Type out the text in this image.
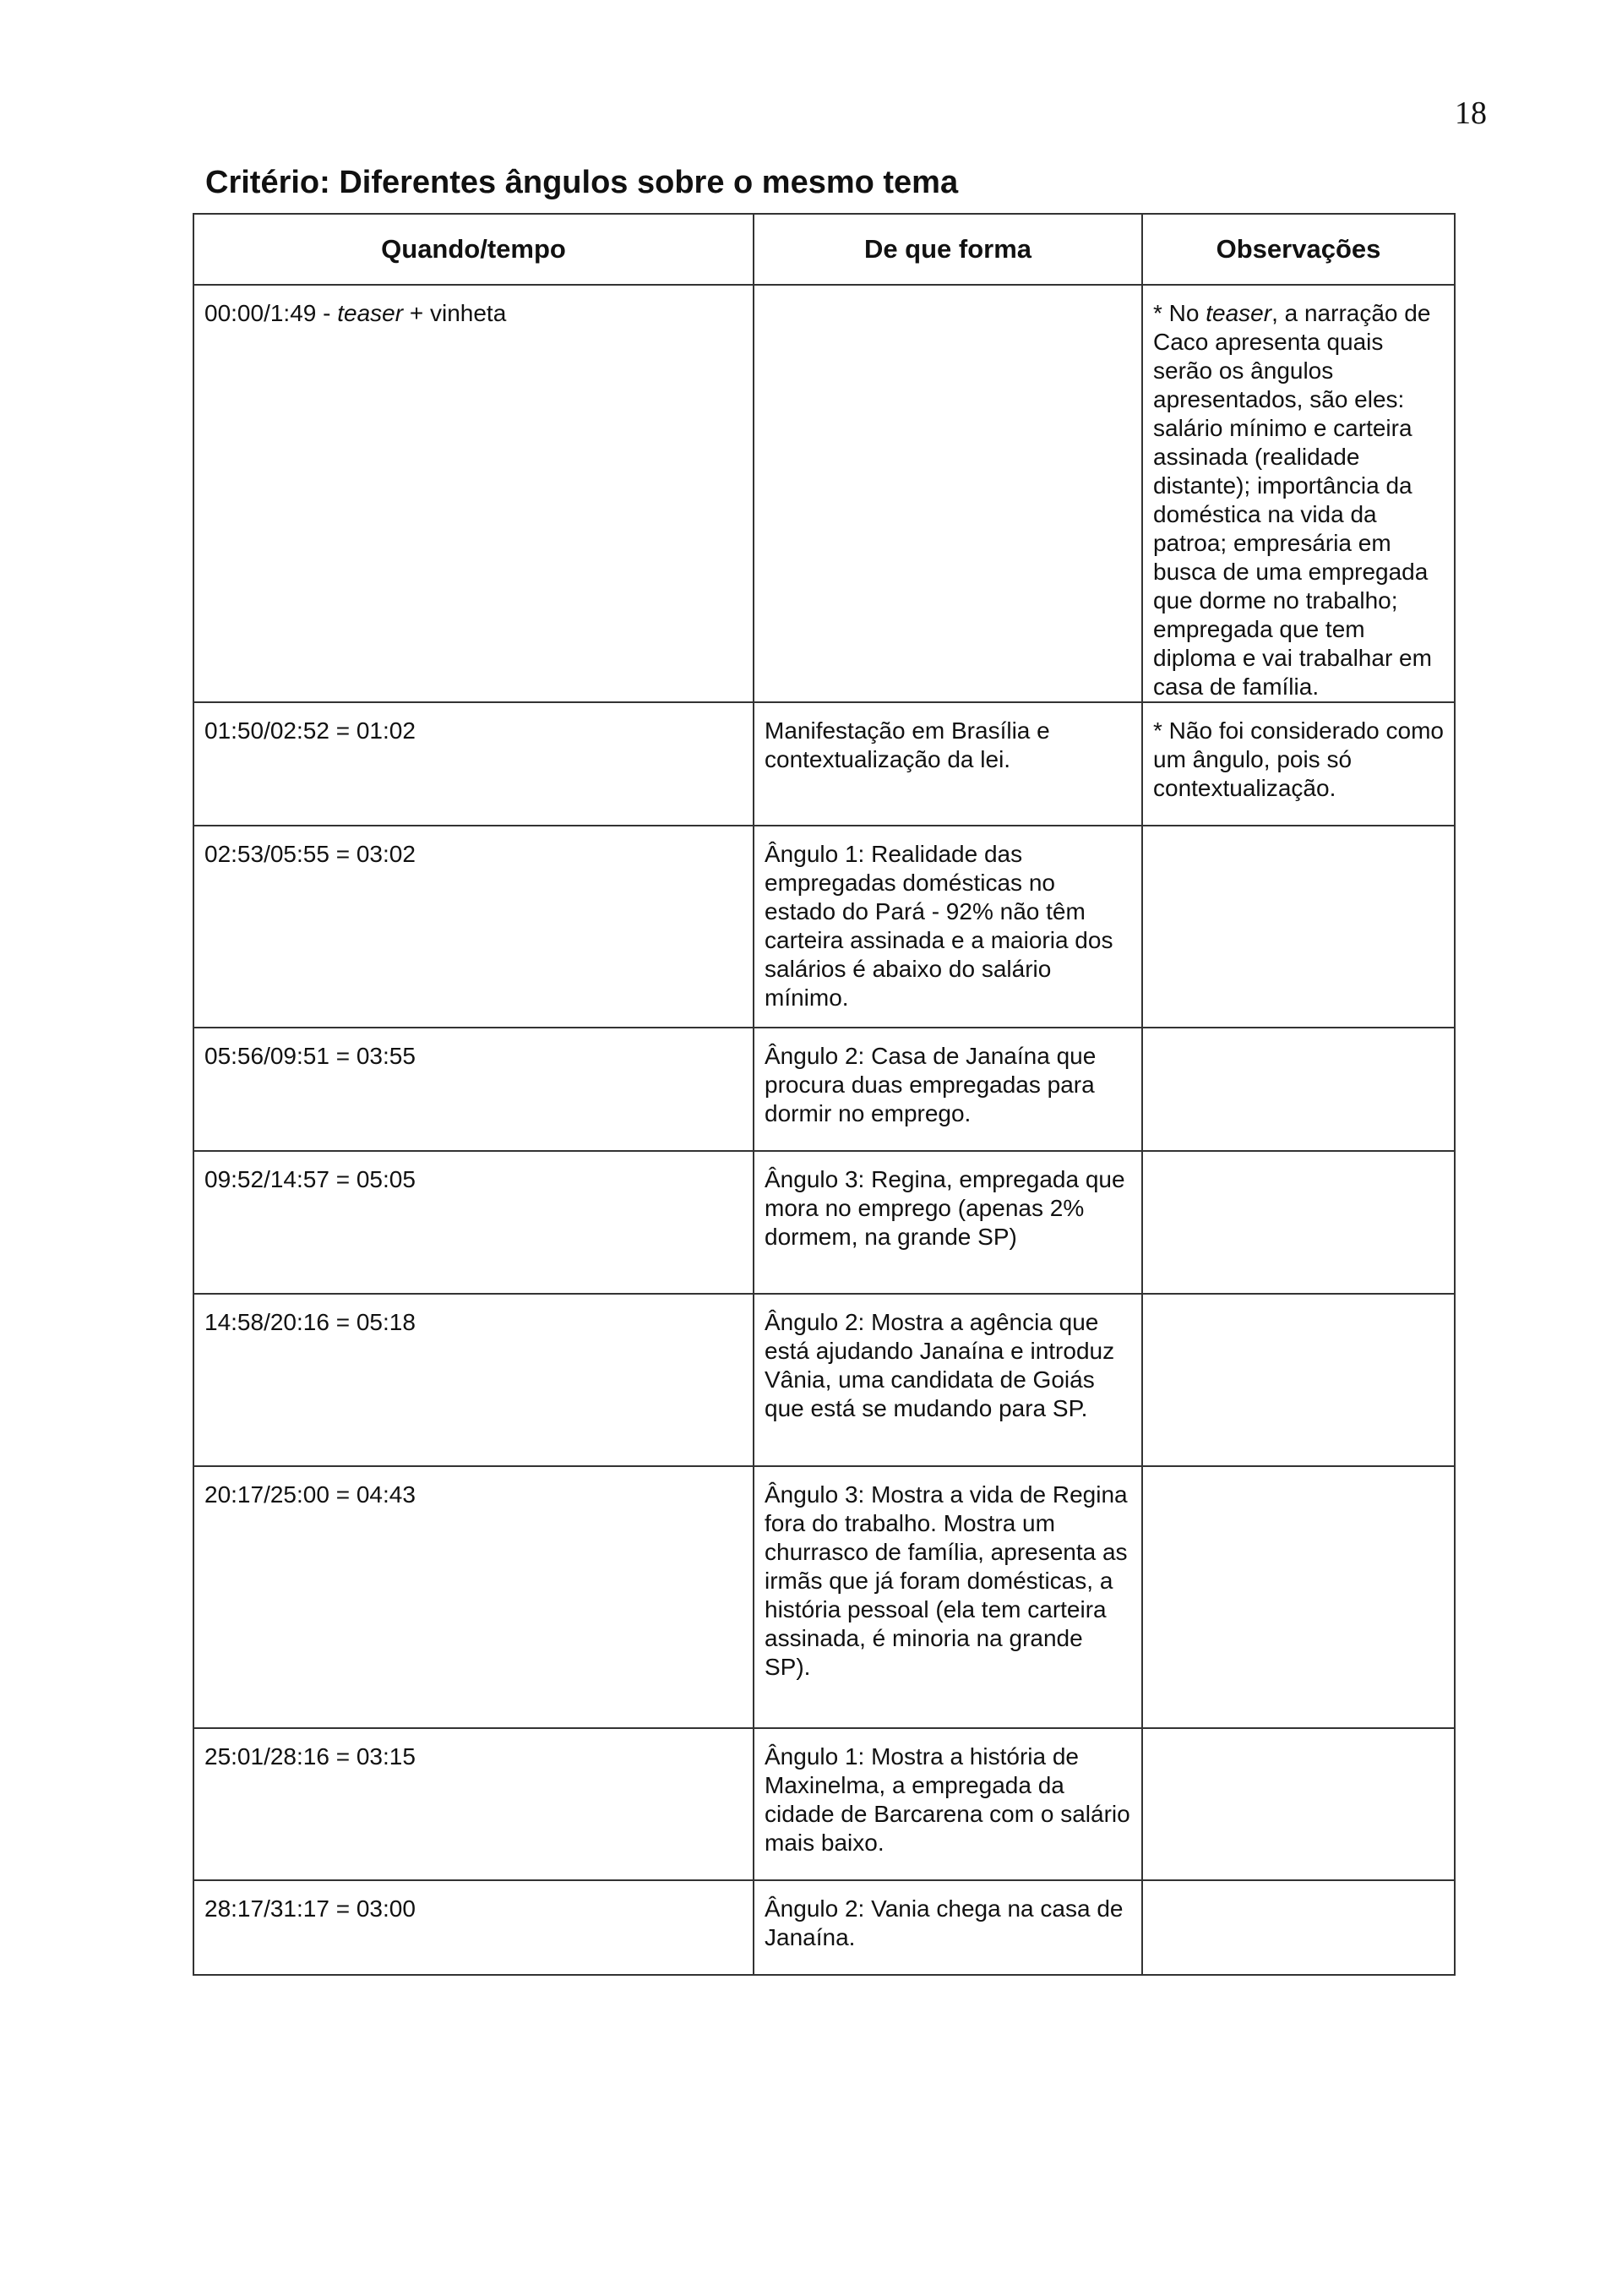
18
Critério: Diferentes ângulos sobre o mesmo tema
Quando/tempo	De que forma	Observações
00:00/1:49 - teaser + vinheta		* No teaser, a narração de Caco apresenta quais serão os ângulos apresentados, são eles: salário mínimo e carteira assinada (realidade distante); importância da doméstica na vida da patroa; empresária em busca de uma empregada que dorme no trabalho; empregada que tem diploma e vai trabalhar em casa de família.
01:50/02:52 = 01:02	Manifestação em Brasília e contextualização da lei.	* Não foi considerado como um ângulo, pois só contextualização.
02:53/05:55 = 03:02	Ângulo 1: Realidade das empregadas domésticas no estado do Pará - 92% não têm carteira assinada e a maioria dos salários é abaixo do salário mínimo.	
05:56/09:51 = 03:55	Ângulo 2: Casa de Janaína que procura duas empregadas para dormir no emprego.	
09:52/14:57 = 05:05	Ângulo 3: Regina, empregada que mora no emprego (apenas 2% dormem, na grande SP)	
14:58/20:16 = 05:18	Ângulo 2: Mostra a agência que está ajudando Janaína e introduz Vânia, uma candidata de Goiás que está se mudando para SP.	
20:17/25:00 = 04:43	Ângulo 3: Mostra a vida de Regina fora do trabalho. Mostra um churrasco de família, apresenta as irmãs que já foram domésticas, a história pessoal (ela tem carteira assinada, é minoria na grande SP).	
25:01/28:16 = 03:15	Ângulo 1: Mostra a história de Maxinelma, a empregada da cidade de Barcarena com o salário mais baixo.	
28:17/31:17 = 03:00	Ângulo 2: Vania chega na casa de Janaína.	
